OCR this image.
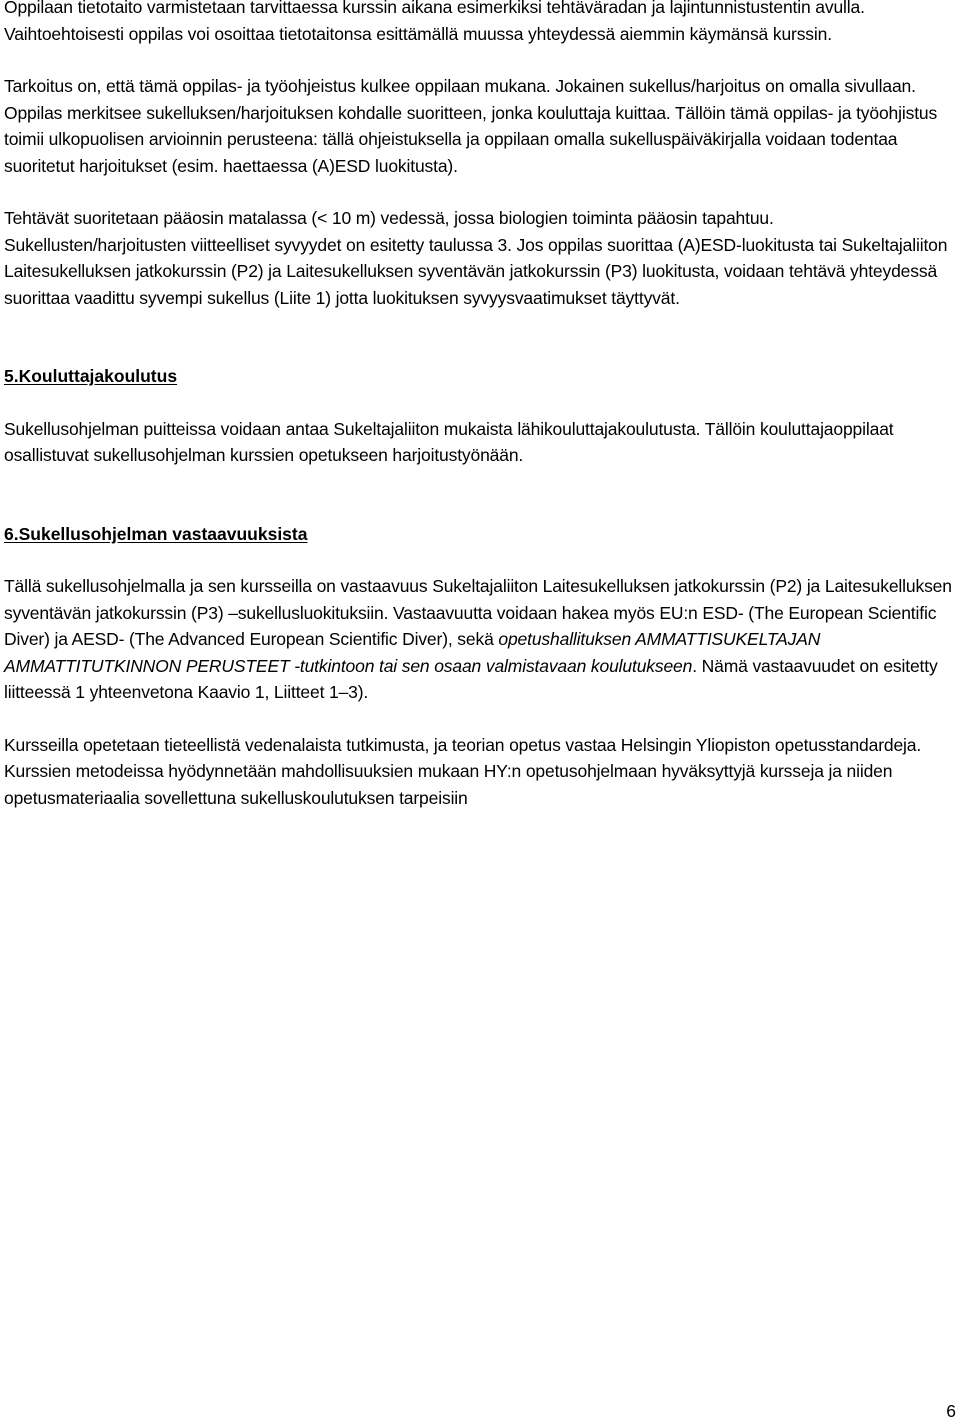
Oppilaan tietotaito varmistetaan tarvittaessa kurssin aikana esimerkiksi tehtäväradan ja lajintunnistustentin avulla. Vaihtoehtoisesti oppilas voi osoittaa tietotaitonsa esittämällä muussa yhteydessä aiemmin käymänsä kurssin.

Tarkoitus on, että tämä oppilas- ja työohjeistus kulkee oppilaan mukana. Jokainen sukellus/harjoitus on omalla sivullaan. Oppilas merkitsee sukelluksen/harjoituksen kohdalle suoritteen, jonka kouluttaja kuittaa. Tällöin tämä oppilas- ja työohjistus toimii ulkopuolisen arvioinnin perusteena: tällä ohjeistuksella ja oppilaan omalla sukelluspäiväkirjalla voidaan todentaa suoritetut harjoitukset (esim. haettaessa (A)ESD luokitusta).

Tehtävät suoritetaan pääosin matalassa (< 10 m) vedessä, jossa biologien toiminta pääosin tapahtuu. Sukellusten/harjoitusten viitteelliset syvyydet on esitetty taulussa 3. Jos oppilas suorittaa (A)ESD-luokitusta tai Sukeltajaliiton Laitesukelluksen jatkokurssin (P2) ja Laitesukelluksen syventävän jatkokurssin (P3) luokitusta, voidaan tehtävä yhteydessä suorittaa vaadittu syvempi sukellus (Liite 1) jotta luokituksen syvyysvaatimukset täyttyvät.

5.Kouluttajakoulutus

Sukellusohjelman puitteissa voidaan antaa Sukeltajaliiton mukaista lähikouluttajakoulutusta. Tällöin kouluttajaoppilaat osallistuvat sukellusohjelman kurssien opetukseen harjoitustyönään.

6.Sukellusohjelman vastaavuuksista

Tällä sukellusohjelmalla ja sen kursseilla on vastaavuus Sukeltajaliiton Laitesukelluksen jatkokurssin (P2) ja Laitesukelluksen syventävän jatkokurssin (P3) –sukellusluokituksiin. Vastaavuutta voidaan hakea myös EU:n ESD- (The European Scientific Diver) ja AESD- (The Advanced European Scientific Diver), sekä opetushallituksen AMMATTISUKELTAJAN AMMATTITUTKINNON PERUSTEET -tutkintoon tai sen osaan valmistavaan koulutukseen. Nämä vastaavuudet on esitetty liitteessä 1 yhteenvetona Kaavio 1, Liitteet 1–3).

Kursseilla opetetaan tieteellistä vedenalaista tutkimusta, ja teorian opetus vastaa Helsingin Yliopiston opetusstandardeja. Kurssien metodeissa hyödynnetään mahdollisuuksien mukaan HY:n opetusohjelmaan hyväksyttyjä kursseja ja niiden opetusmateriaalia sovellettuna sukelluskoulutuksen tarpeisiin

6
